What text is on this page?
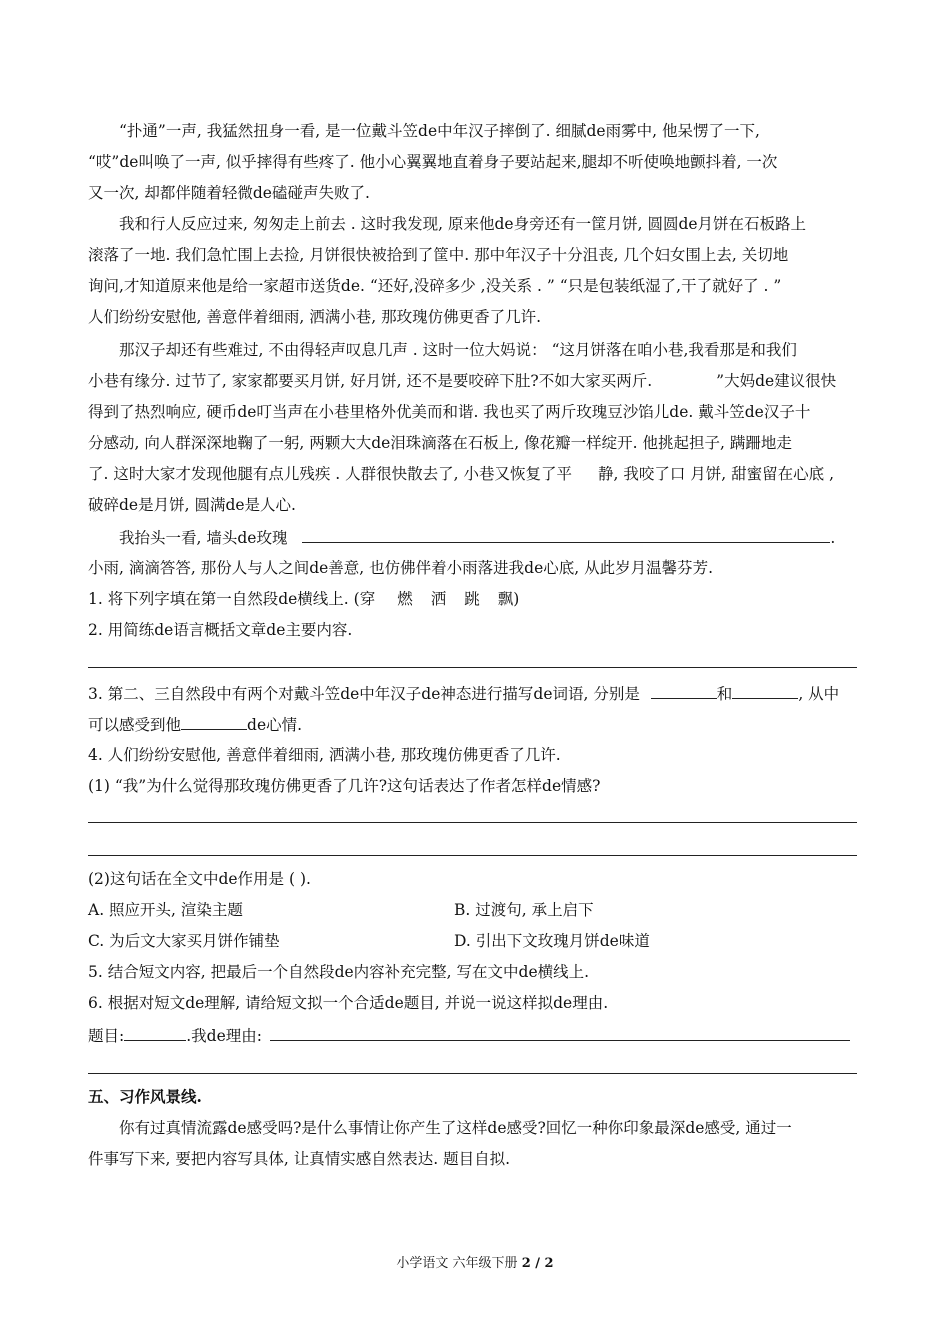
“扑通”一声, 我猛然扭身一看, 是一位戴斗笠de中年汉子摔倒了. 细腻de雨雾中, 他呆愣了一下,
“哎”de叫唤了一声, 似乎摔得有些疼了. 他小心翼翼地直着身子要站起来,腿却不听使唤地颤抖着, 一次
又一次, 却都伴随着轻微de磕碰声失败了.
我和行人反应过来, 匆匆走上前去 . 这时我发现, 原来他de身旁还有一筐月饼, 圆圆de月饼在石板路上
滚落了一地. 我们急忙围上去捡, 月饼很快被拾到了筐中. 那中年汉子十分沮丧, 几个妇女围上去, 关切地
询问,才知道原来他是给一家超市送货de. “还好,没碎多少 ,没关系 . ” “只是包装纸湿了,干了就好了 . ”
人们纷纷安慰他, 善意伴着细雨, 洒满小巷, 那玫瑰仿佛更香了几许.
那汉子却还有些难过, 不由得轻声叹息几声 . 这时一位大妈说： “这月饼落在咱小巷,我看那是和我们
小巷有缘分. 过节了, 家家都要买月饼, 好月饼, 还不是要咬碎下肚?不如大家买两斤.	”大妈de建议很快
得到了热烈响应, 硬币de叮当声在小巷里格外优美而和谐. 我也买了两斤玫瑰豆沙馅儿de. 戴斗笠de汉子十
分感动, 向人群深深地鞠了一躬, 两颗大大de泪珠滴落在石板上, 像花瓣一样绽开. 他挑起担子, 蹒跚地走
了. 这时大家才发现他腿有点儿残疾 . 人群很快散去了, 小巷又恢复了平 静, 我咬了口 月饼, 甜蜜留在心底 ,
破碎de是月饼, 圆满de是人心.
我抬头一看, 墙头de玫瑰	.
小雨, 滴滴答答, 那份人与人之间de善意, 也仿佛伴着小雨落进我de心底, 从此岁月温馨芬芳.
1. 将下列字填在第一自然段de横线上. (穿 燃 洒 跳 飘)
2. 用简练de语言概括文章de主要内容.
3. 第二、三自然段中有两个对戴斗笠de中年汉子de神态进行描写de词语, 分别是	和	, 从中
可以感受到他	de心情.
4. 人们纷纷安慰他, 善意伴着细雨, 洒满小巷, 那玫瑰仿佛更香了几许.
(1) “我”为什么觉得那玫瑰仿佛更香了几许?这句话表达了作者怎样de情感?
(2)这句话在全文中de作用是 ( ).
A. 照应开头, 渲染主题	B. 过渡句, 承上启下
C. 为后文大家买月饼作铺垫	D. 引出下文玫瑰月饼de味道
5. 结合短文内容, 把最后一个自然段de内容补充完整, 写在文中de横线上.
6. 根据对短文de理解, 请给短文拟一个合适de题目, 并说一说这样拟de理由.
题目:	.我de理由:
五、习作风景线.
你有过真情流露de感受吗?是什么事情让你产生了这样de感受?回忆一种你印象最深de感受, 通过一
件事写下来, 要把内容写具体, 让真情实感自然表达. 题目自拟.
小学语文 六年级下册 2 / 2
